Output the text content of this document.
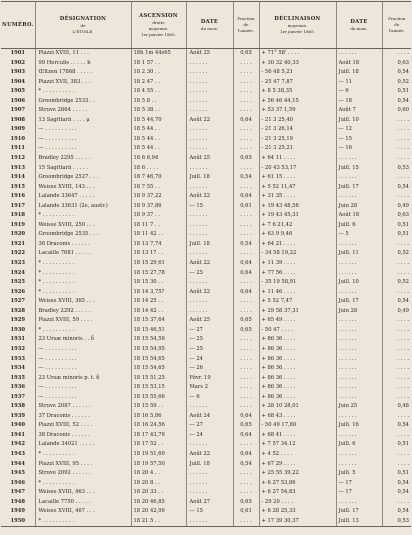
NUMÉRO.	DÉSIGNATION
de
L'ÉTOILE.	ASCENSION
droite
moyenne.
1er janvier 1865.	DATE
du mois.	Fraction
de
l'année.	DÉCLINAISON
moyenne.
1er janvier 1865.	DATE
du mois.	Fraction
de
l'année.

1901	Piazzi XVIII, 11 . . .	18h 1m 44s65	Août 25	0,65	+ 71° 58' . . . .	. . . . . .	. . . .
1902	99 Herculis . . . . . b	18 1 57 . .	. . . . . .	. . . .	+ 30 32 40,33	Août 18	0,63
1903	Œltzen 17868 . . . . .	18 2 30 . .	. . . . . .	. . . .	- 56 48 5,21	Juill. 18	0,54
1904	Piazzi XVII, 383 . . .	18 2 47 . .	. . . . . .	. . . .	- 25 47 7,87	— 11	0,52
1905	* . . . . . . . . . .	18 4 55 . .	. . . . . .	. . . .	+ 8 5 38,35	— 6	0,51
1906	Groombridge 2533 . .	18 5 8 . .	. . . . . .	. . . .	+ 56 46 44,15	— 18	0,54
1907	Struve 2864 . . . . .	18 5 38 . .	. . . . . .	. . . .	+ 53 37 1,59	Août 7	0,60
1908	13 Sagittarii . . . . μ	18 5 44,70	Août 22	0,64	- 21 3 25,40	Juill. 10	. . . .
1909	— . . . . . . . . . .	18 5 44 . .	. . . . . .	. . . .	- 21 3 26,14	— 12	. . . .
1910	— . . . . . . . . . .	18 5 44 . .	. . . . . .	. . . .	- 21 3 25,19	— 15	. . . .
1911	— . . . . . . . . . .	18 5 44 . .	. . . . . .	. . . .	- 21 3 25,21	— 16	. . . .
1912	Bradley 2295 . . . . .	18 6 6,94	Août 25	0,65	+ 64 11 . . . .	. . . . . .	. . . .
1913	15 Sagittarii . . . . .	18 6 . . . .	. . . . . .	. . . .	- 20 43 53,17	Juill. 15	0,53
1914	Groombridge 2527 . . .	18 7 46,70	Juill. 18	0,54	+ 61 15 . . . .	. . . . . .	. . . .
1915	Weisse XVIII, 143 . . .	18 7 55 . .	. . . . . .	. . . .	+ 5 52 11,47	Juill. 17	0,54
1916	Lalande 33647 . . . . .	18 9 37,22	Août 22	0,64	+ 31 35 . . . .	. . . . . .	. . . .
1917	Lalande 33631 (2e, austr.)	18 9 37,86	— 15	0,61	+ 19 43 48,56	Juin 28	0,49
1918	* . . . . . . . . . .	18 9 37 . .	. . . . . .	. . . .	+ 19 43 45,31	Août 18	0,63
1919	Weisse XVIII, 250 . . .	18 11 7 . .	. . . . . .	. . . .	+ 7 6 21,42	Juill. 6	0,51
1920	Groombridge 2535 . . .	18 11 42 . .	. . . . . .	. . . .	+ 63 9 9,46	— 5	0,51
1921	36 Draconis . . . . . .	18 13 7,74	Juill. 18	0,54	+ 64 21 . . . .	. . . . . .	. . . .
1922	Lacaille 7681 . . . . .	18 13 17 . .	. . . . . .	. . . .	- 34 58 19,22	Juill. 11	0,52
1923	* . . . . . . . . . .	18 15 29,61	Août 22	0,64	+ 11 39 . . . .	. . . . . .	. . . .
1924	* . . . . . . . . . .	18 15 27,78	— 25	0,64	+ 77 56 . . . .	. . . . . .	. . . .
1925	* . . . . . . . . . .	18 15 30 . .	. . . . . .	. . . .	- 35 19 58,91	Juill. 10	0,52
1926	* . . . . . . . . . .	18 14 3,75?	Août 22	0,64	+ 11 46 . . . .	. . . . . .	. . . .
1927	Weisse XVIII, 365 . . .	18 14 25 . .	. . . . . .	. . . .	+ 5 52 7,47	Juill. 17	0,54
1928	Bradley 2292 . . . . .	18 14 42 . .	. . . . . .	. . . .	+ 29 58 37,31	Juin 28	0,49
1929	Piazzi XVIII, 59 . . . .	18 15 37,64	Août 25	0,65	+ 65 49 . . . .	. . . . . .	. . . .
1930	* . . . . . . . . . .	18 15 46,51	— 27	0,65	- 50 47 . . . .	. . . . . .	. . . .
1931	23 Ursæ minoris . . δ	18 15 54,59	— 25	. . . .	+ 86 36 . . . .	. . . . . .	. . . .
1932	— . . . . . . . . . .	18 15 54,95	— 25	. . . .	+ 86 36 . . . .	. . . . . .	. . . .
1933	— . . . . . . . . . .	18 15 54,65	— 24	. . . .	+ 86 36 . . . .	. . . . . .	. . . .
1934	— . . . . . . . . . .	18 15 54,65	— 26	. . . .	+ 86 36 . . . .	. . . . . .	. . . .
1935	23 Ursæ minoris p. t. δ	18 15 51,25	Févr. 19	. . . .	+ 86 36 . . . .	. . . . . .	. . . .
1936	— . . . . . . . . . .	18 15 53,15	Mars 2	. . . .	+ 86 36 . . . .	. . . . . .	. . . .
1937	— . . . . . . . . . .	18 15 55,66	— 6	. . . .	+ 86 36 . . . .	. . . . . .	. . . .
1938	Struve 2087 . . . . . .	18 15 59 . .	. . . . . .	. . . .	+ 28 10 28,01	Juin 25	0,48
1939	37 Draconis . . . . . .	18 16 5,86	Août 24	0,64	+ 68 43 . . . .	. . . . . .	. . . .
1940	Piazzi XVIII, 52 . . . .	18 16 24,56	— 27	0,65	- 50 49 17,80	Juill. 16	0,54
1941	38 Draconis . . . . . .	18 17 43,79	— 24	0,64	+ 68 41 . . . .	. . . . . .	. . . .
1942	Lalande 34021 . . . . .	18 17 52 . .	. . . . . .	. . . .	+ 7 57 34,12	Juill. 6	0,51
1943	* . . . . . . . . . .	18 19 51,60	Août 22	0,64	+ 4 52 . . . .	. . . . . .	. . . .
1944	Piazzi XVIII, 95 . . . .	18 19 57,50	Juill. 18	0,54	+ 67 29 . . . .	. . . . . .	. . . .
1945	Struve 2092 . . . . . .	18 20 4 . .	. . . . . .	. . . .	+ 25 55 39,22	Juill. 5	0,51
1946	* . . . . . . . . . .	18 20 8 . .	. . . . . .	. . . .	+ 6 27 53,86	— 17	0,54
1947	Weisse XVIII, 463 . . .	18 20 33 . .	. . . . . .	. . . .	+ 6 27 54,83	— 17	0,54
1948	Lacaille 7750 . . . . .	18 20 46,85	Août 27	0,65	- 29 20 . . . .	. . . . . .	. . . .
1949	Weisse XVIII, 467 . . .	18 20 42,99	— 15	0,61	+ 6 28 25,33	Juill. 17	0,54
1950	* . . . . . . . . . .	18 21 5 . .	. . . . . .	. . . .	+ 17 39 30,37	Juill. 13	0,53
